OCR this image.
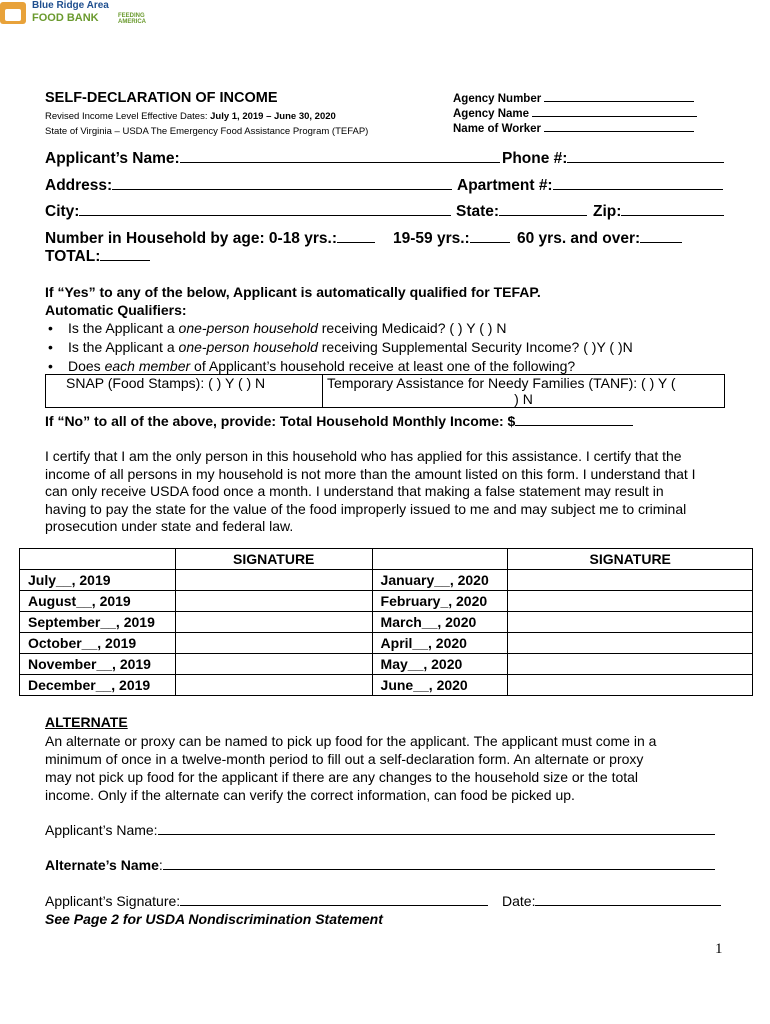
Blue Ridge Area
FOOD BANK	FEEDING
AMERICA
SELF-DECLARATION OF INCOME
Revised Income Level Effective Dates: July 1, 2019 – June 30, 2020
State of Virginia – USDA The Emergency Food Assistance Program (TEFAP)
Agency Number
Agency Name
Name of Worker
Applicant’s Name:	Phone #:
Address:	Apartment #:
City:	State:	Zip:
Number in Household by age: 0-18 yrs.:	19-59 yrs.:	60 yrs. and over:
TOTAL:
If “Yes” to any of the below, Applicant is automatically qualified for TEFAP.
Automatic Qualifiers:
• Is the Applicant a one-person household receiving Medicaid? ( ) Y ( ) N
• Is the Applicant a one-person household receiving Supplemental Security Income? ( )Y ( )N
• Does each member of Applicant’s household receive at least one of the following?
SNAP (Food Stamps): ( ) Y ( ) N	Temporary Assistance for Needy Families (TANF): ( ) Y (

) N
If “No” to all of the above, provide: Total Household Monthly Income: $
I certify that I am the only person in this household who has applied for this assistance. I certify that the
income of all persons in my household is not more than the amount listed on this form. I understand that I
can only receive USDA food once a month. I understand that making a false statement may result in
having to pay the state for the value of the food improperly issued to me and may subject me to criminal
prosecution under state and federal law.
	SIGNATURE		SIGNATURE
July__, 2019		January__, 2020	
August__, 2019		February_, 2020	
September__, 2019		March__, 2020	
October__, 2019		April__, 2020	
November__, 2019		May__, 2020	
December__, 2019		June__, 2020	
ALTERNATE
An alternate or proxy can be named to pick up food for the applicant. The applicant must come in a
minimum of once in a twelve-month period to fill out a self-declaration form. An alternate or proxy
may not pick up food for the applicant if there are any changes to the household size or the total
income. Only if the alternate can verify the correct information, can food be picked up.
Applicant’s Name:
Alternate’s Name:
Applicant’s Signature:	Date:
See Page 2 for USDA Nondiscrimination Statement
1
